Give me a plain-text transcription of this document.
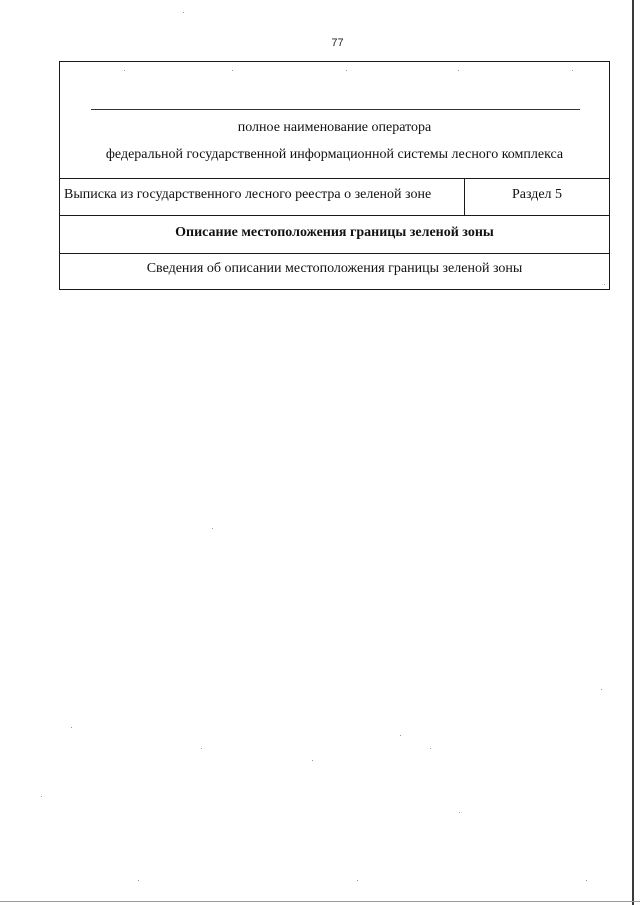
77
полное наименование оператора
федеральной государственной информационной системы лесного комплекса
Выписка из государственного лесного реестра о зеленой зоне	Раздел 5
Описание местоположения границы зеленой зоны
Сведения об описании местоположения границы зеленой зоны
